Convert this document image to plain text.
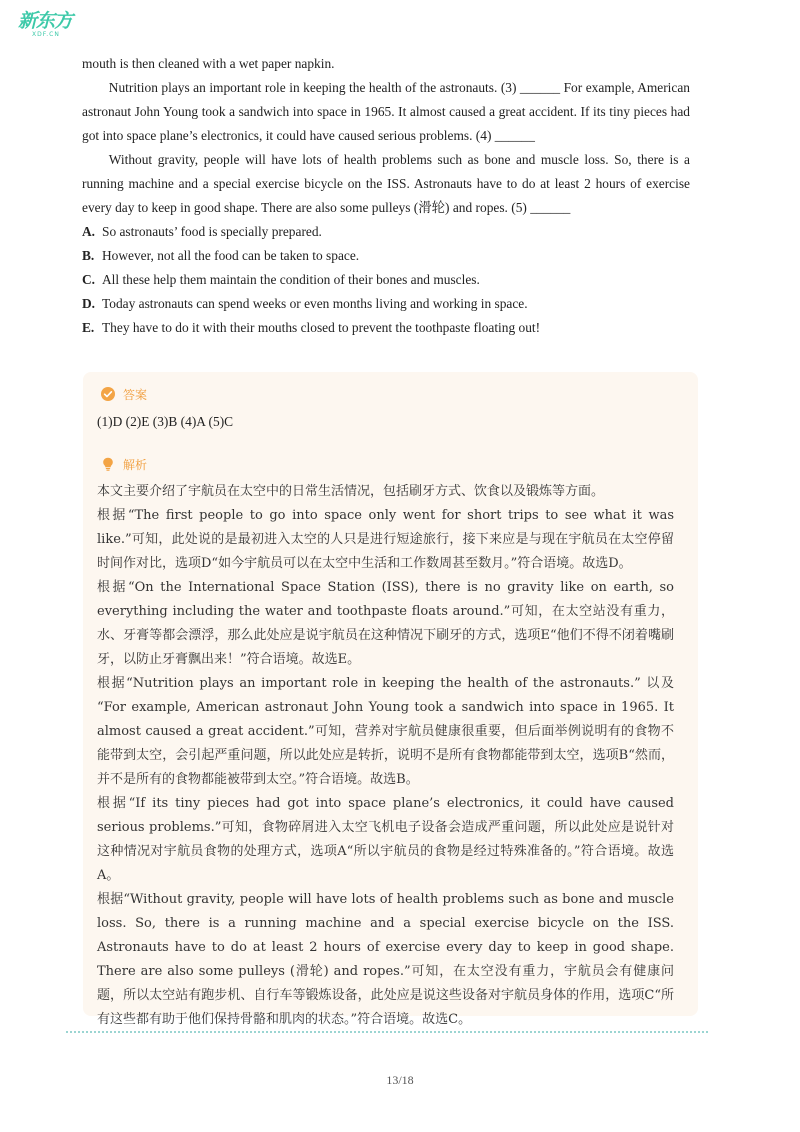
新东方
XDF.CN

mouth is then cleaned with a wet paper napkin.

Nutrition plays an important role in keeping the health of the astronauts. (3) ______ For example, American astronaut John Young took a sandwich into space in 1965. It almost caused a great accident. If its tiny pieces had got into space plane’s electronics, it could have caused serious problems. (4) ______

Without gravity, people will have lots of health problems such as bone and muscle loss. So, there is a running machine and a special exercise bicycle on the ISS. Astronauts have to do at least 2 hours of exercise every day to keep in good shape. There are also some pulleys (滑轮) and ropes. (5) ______

A. So astronauts’ food is specially prepared.

B. However, not all the food can be taken to space.

C. All these help them maintain the condition of their bones and muscles.

D. Today astronauts can spend weeks or even months living and working in space.

E. They have to do it with their mouths closed to prevent the toothpaste floating out!

答案
(1)D (2)E (3)B (4)A (5)C
解析

本文主要介绍了宇航员在太空中的日常生活情况，包括刷牙方式、饮食以及锻炼等方面。

根据“The first people to go into space only went for short trips to see what it was like.”可知，此处说的是最初进入太空的人只是进行短途旅行，接下来应是与现在宇航员在太空停留时间作对比，选项D“如今宇航员可以在太空中生活和工作数周甚至数月。”符合语境。故选D。

根据“On the International Space Station (ISS), there is no gravity like on earth, so everything including the water and toothpaste floats around.”可知，在太空站没有重力，水、牙膏等都会漂浮，那么此处应是说宇航员在这种情况下刷牙的方式，选项E“他们不得不闭着嘴刷牙，以防止牙膏飘出来！”符合语境。故选E。

根据“Nutrition plays an important role in keeping the health of the astronauts.” 以及 “For example, American astronaut John Young took a sandwich into space in 1965. It almost caused a great accident.”可知，营养对宇航员健康很重要，但后面举例说明有的食物不能带到太空，会引起严重问题，所以此处应是转折，说明不是所有食物都能带到太空，选项B“然而，并不是所有的食物都能被带到太空。”符合语境。故选B。

根据“If its tiny pieces had got into space plane’s electronics, it could have caused serious problems.”可知，食物碎屑进入太空飞机电子设备会造成严重问题，所以此处应是说针对这种情况对宇航员食物的处理方式，选项A“所以宇航员的食物是经过特殊准备的。”符合语境。故选A。

根据“Without gravity, people will have lots of health problems such as bone and muscle loss. So, there is a running machine and a special exercise bicycle on the ISS. Astronauts have to do at least 2 hours of exercise every day to keep in good shape. There are also some pulleys (滑轮) and ropes.”可知，在太空没有重力，宇航员会有健康问题，所以太空站有跑步机、自行车等锻炼设备，此处应是说这些设备对宇航员身体的作用，选项C“所有这些都有助于他们保持骨骼和肌肉的状态。”符合语境。故选C。

13/18
